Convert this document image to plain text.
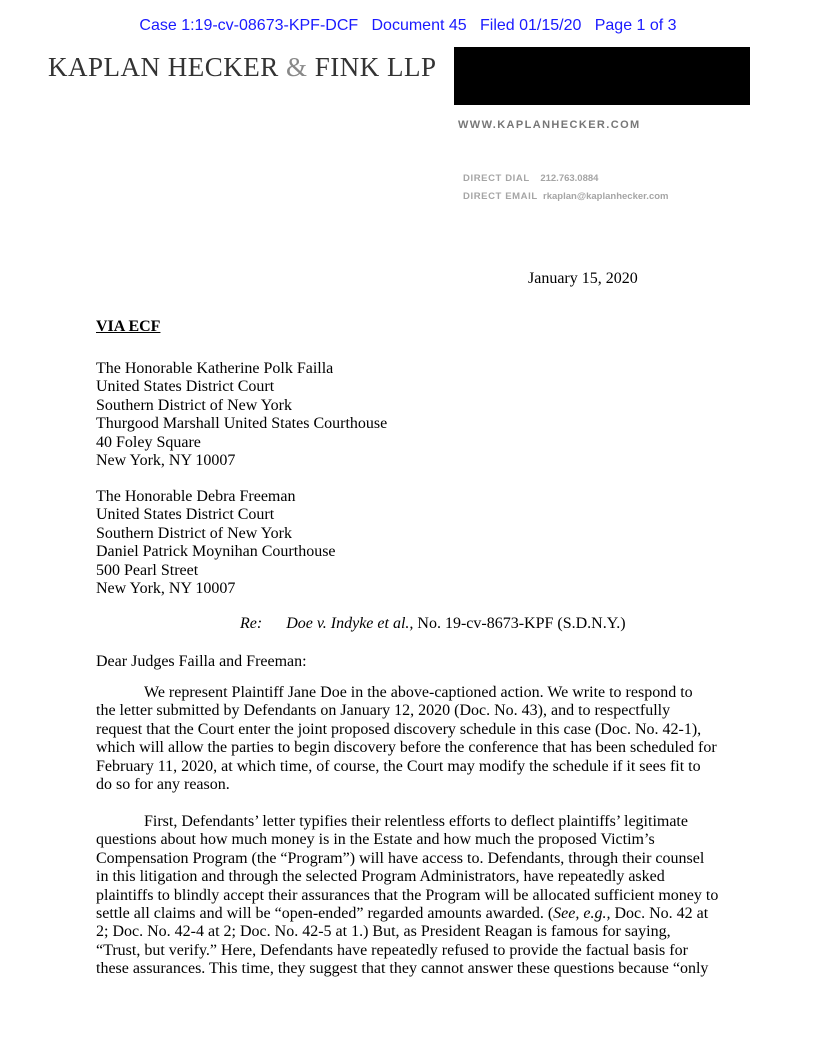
Case 1:19-cv-08673-KPF-DCF   Document 45   Filed 01/15/20   Page 1 of 3
KAPLAN HECKER & FINK LLP
WWW.KAPLANHECKER.COM
DIRECT DIAL 212.763.0884
DIRECT EMAIL rkaplan@kaplanhecker.com
January 15, 2020
VIA ECF
The Honorable Katherine Polk Failla
United States District Court
Southern District of New York
Thurgood Marshall United States Courthouse
40 Foley Square
New York, NY 10007
The Honorable Debra Freeman
United States District Court
Southern District of New York
Daniel Patrick Moynihan Courthouse
500 Pearl Street
New York, NY 10007
Re: Doe v. Indyke et al., No. 19-cv-8673-KPF (S.D.N.Y.)
Dear Judges Failla and Freeman:
We represent Plaintiff Jane Doe in the above-captioned action. We write to respond to
the letter submitted by Defendants on January 12, 2020 (Doc. No. 43), and to respectfully
request that the Court enter the joint proposed discovery schedule in this case (Doc. No. 42-1),
which will allow the parties to begin discovery before the conference that has been scheduled for
February 11, 2020, at which time, of course, the Court may modify the schedule if it sees fit to
do so for any reason.
First, Defendants’ letter typifies their relentless efforts to deflect plaintiffs’ legitimate
questions about how much money is in the Estate and how much the proposed Victim’s
Compensation Program (the “Program”) will have access to. Defendants, through their counsel
in this litigation and through the selected Program Administrators, have repeatedly asked
plaintiffs to blindly accept their assurances that the Program will be allocated sufficient money to
settle all claims and will be “open-ended” regarded amounts awarded. (See, e.g., Doc. No. 42 at
2; Doc. No. 42-4 at 2; Doc. No. 42-5 at 1.) But, as President Reagan is famous for saying,
“Trust, but verify.” Here, Defendants have repeatedly refused to provide the factual basis for
these assurances. This time, they suggest that they cannot answer these questions because “only
